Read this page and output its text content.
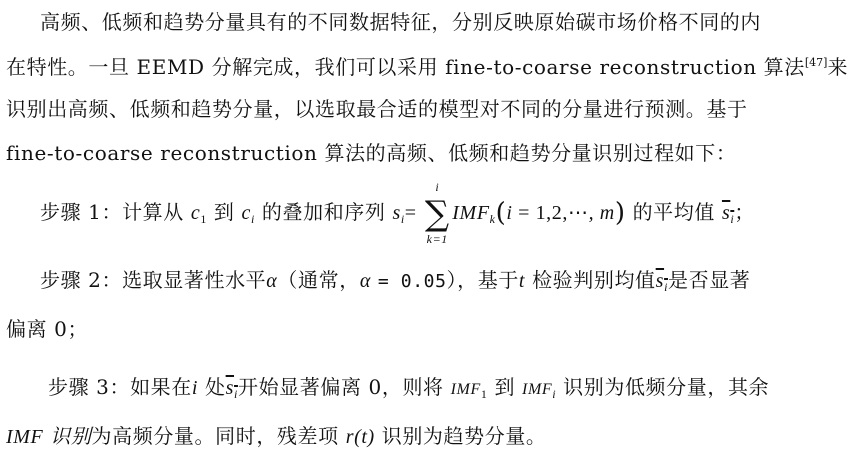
高频、低频和趋势分量具有的不同数据特征，分别反映原始碳市场价格不同的内
在特性。一旦 EEMD 分解完成，我们可以采用 fine-to-coarse reconstruction 算法[47]来
识别出高频、低频和趋势分量，以选取最合适的模型对不同的分量进行预测。基于
fine-to-coarse reconstruction 算法的高频、低频和趋势分量识别过程如下：
步骤 1：计算从 $c_1$ 到 $c_i$ 的叠加和序列 $s_i=$
i
∑
k=1
$IMF_k(i$ = 1,2,⋯, m) 的平均值 $s_i$；
步骤 2：选取显著性水平α（通常，α = 0.05），基于t 检验判别均值$s_i$是否显著
偏离 0；
步骤 3：如果在i 处$s_i$开始显著偏离 0，则将 $IMF_1$ 到 $IMF_i$ 识别为低频分量，其余
IMF 识别为高频分量。同时，残差项 r(t) 识别为趋势分量。
